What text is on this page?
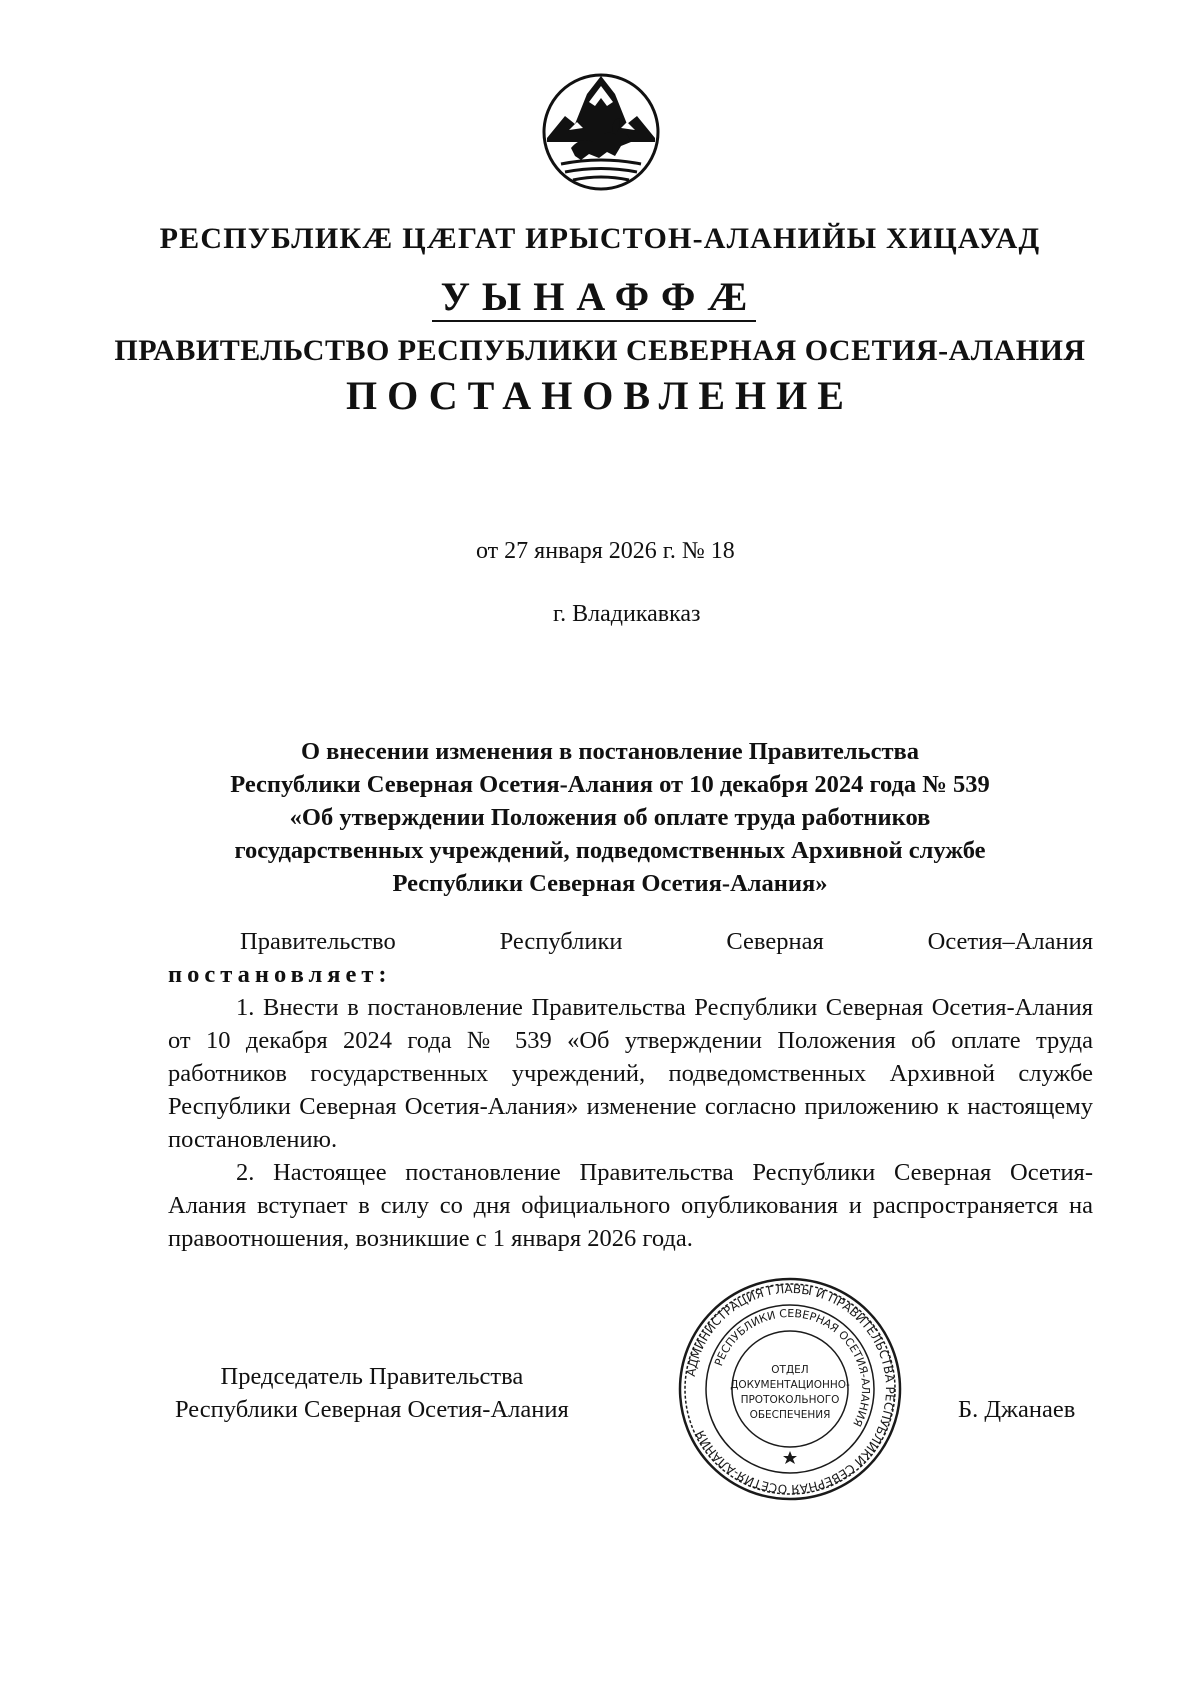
РЕСПУБЛИКӔ ЦӔГАТ ИРЫСТОН-АЛАНИЙЫ ХИЦАУАД
УЫНАФФӔ
ПРАВИТЕЛЬСТВО РЕСПУБЛИКИ СЕВЕРНАЯ ОСЕТИЯ-АЛАНИЯ
ПОСТАНОВЛЕНИЕ
от 27 января 2026 г. № 18
г. Владикавказ
О внесении изменения в постановление Правительства
Республики Северная Осетия-Алания от 10 декабря 2024 года № 539
«Об утверждении Положения об оплате труда работников
государственных учреждений, подведомственных Архивной службе
Республики Северная Осетия-Алания»

Правительство Республики Северная Осетия–Алания

постановляет:

1. Внести в постановление Правительства Республики Северная Осетия-Алания от 10 декабря 2024 года № 539 «Об утверждении Положения об оплате труда работников государственных учреждений, подведомственных Архивной службе Республики Северная Осетия-Алания» изменение согласно приложению к настоящему постановлению.

2. Настоящее постановление Правительства Республики Северная Осетия-Алания вступает в силу со дня официального опубликования и распространяется на правоотношения, возникшие с 1 января 2026 года.

Председатель Правительства
Республики Северная Осетия-Алания	Б. Джанаев
АДМИНИСТРАЦИЯ ГЛАВЫ И ПРАВИТЕЛЬСТВА РЕСПУБЛИКИ СЕВЕРНАЯ ОСЕТИЯ-АЛАНИЯ
РЕСПУБЛИКИ СЕВЕРНАЯ ОСЕТИЯ-АЛАНИЯ
ОТДЕЛ
ДОКУМЕНТАЦИОННО-
ПРОТОКОЛЬНОГО
ОБЕСПЕЧЕНИЯ
